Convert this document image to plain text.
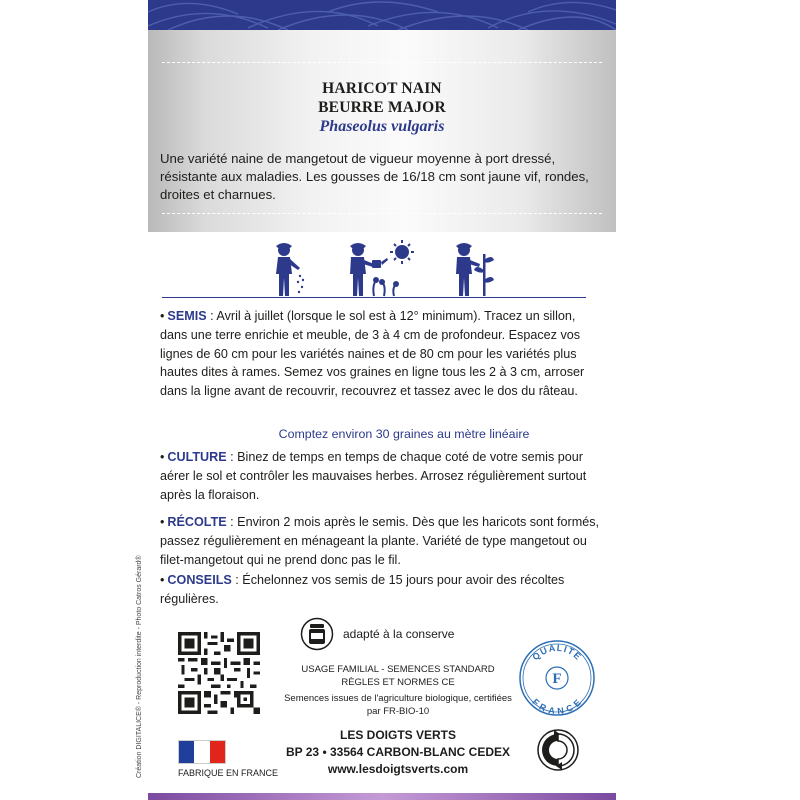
HARICOT NAIN
BEURRE MAJOR
Phaseolus vulgaris
Une variété naine de mangetout de vigueur moyenne à port dressé, résistante aux maladies. Les gousses de 16/18 cm sont jaune vif, rondes, droites et charnues.
• SEMIS : Avril à juillet (lorsque le sol est à 12° minimum). Tracez un sillon, dans une terre enrichie et meuble, de 3 à 4 cm de profondeur. Espacez vos lignes de 60 cm pour les variétés naines et de 80 cm pour les variétés plus hautes dites à rames. Semez vos graines en ligne tous les 2 à 3 cm, arroser dans la ligne avant de recouvrir, recouvrez et tassez avec le dos du râteau.
Comptez environ 30 graines au mètre linéaire
• CULTURE : Binez de temps en temps de chaque coté de votre semis pour aérer le sol et contrôler les mauvaises herbes. Arrosez régulièrement surtout après la floraison.
• RÉCOLTE : Environ 2 mois après le semis. Dès que les haricots sont formés, passez régulièrement en ménageant la plante. Variété de type mangetout ou filet-mangetout qui ne prend donc pas le fil.
• CONSEILS : Échelonnez vos semis de 15 jours pour avoir des récoltes régulières.
Création DIGITALICE® - Reproduction interdite - Photo Catros Gérard®	FABRIQUE EN FRANCE
adapté à la conserve
USAGE FAMILIAL - SEMENCES STANDARD
RÈGLES ET NORMES CE
Semences issues de l'agriculture biologique, certifiées par FR-BIO-10
LES DOIGTS VERTS
BP 23 • 33564 CARBON-BLANC CEDEX
www.lesdoigtsverts.com
QUALITE
FRANCE
F
